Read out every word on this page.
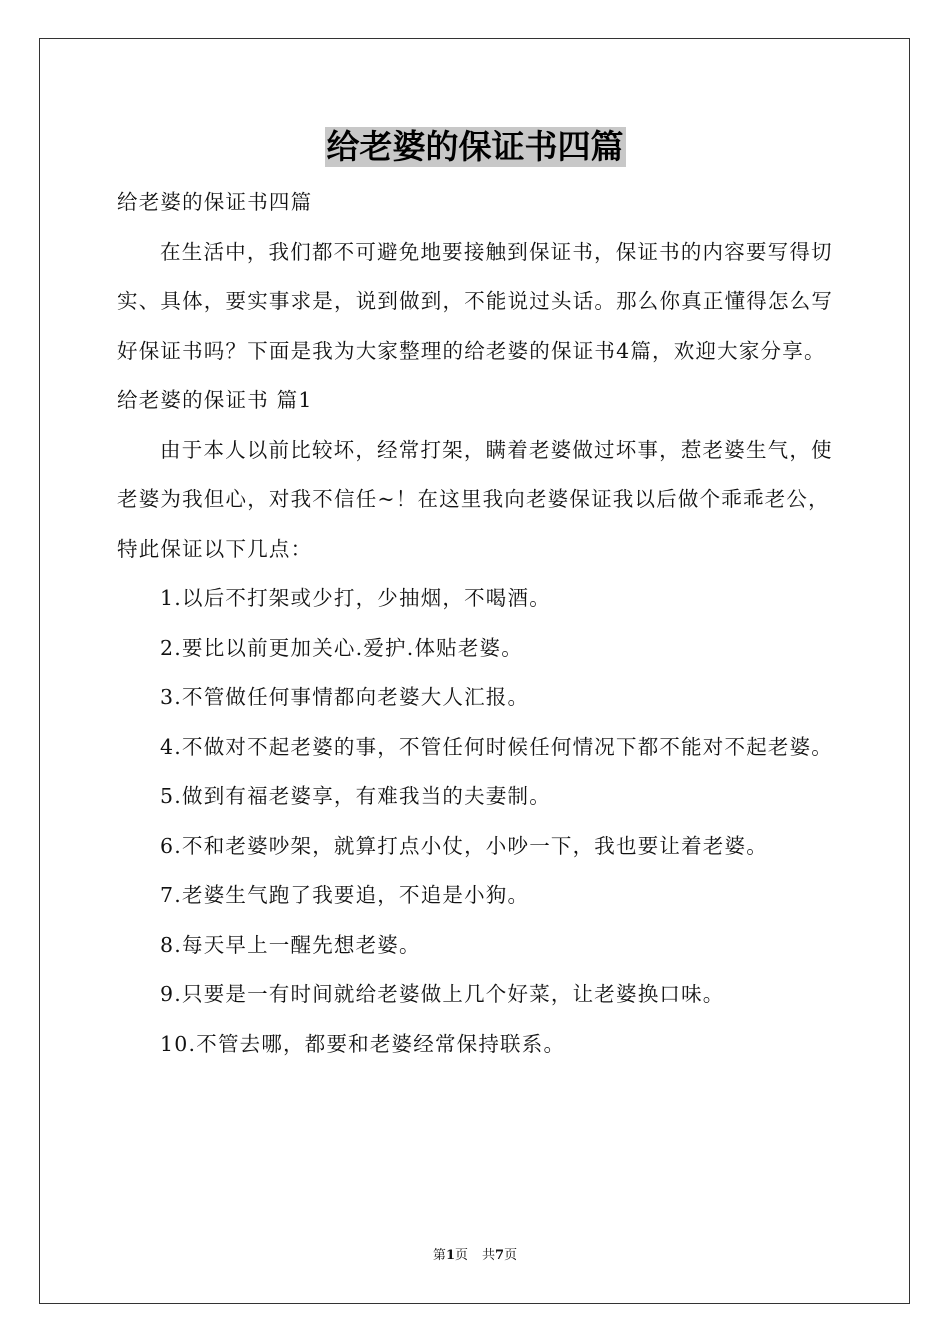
给老婆的保证书四篇

给老婆的保证书四篇

在生活中，我们都不可避免地要接触到保证书，保证书的内容要写得切实、具体，要实事求是，说到做到，不能说过头话。那么你真正懂得怎么写好保证书吗？下面是我为大家整理的给老婆的保证书4篇，欢迎大家分享。

给老婆的保证书 篇1

由于本人以前比较坏，经常打架，瞒着老婆做过坏事，惹老婆生气，使老婆为我但心，对我不信任~！在这里我向老婆保证我以后做个乖乖老公，特此保证以下几点：

1.以后不打架或少打，少抽烟，不喝酒。

2.要比以前更加关心.爱护.体贴老婆。

3.不管做任何事情都向老婆大人汇报。

4.不做对不起老婆的事，不管任何时候任何情况下都不能对不起老婆。

5.做到有福老婆享，有难我当的夫妻制。

6.不和老婆吵架，就算打点小仗，小吵一下，我也要让着老婆。

7.老婆生气跑了我要追，不追是小狗。

8.每天早上一醒先想老婆。

9.只要是一有时间就给老婆做上几个好菜，让老婆换口味。

10.不管去哪，都要和老婆经常保持联系。

第1页 共7页
